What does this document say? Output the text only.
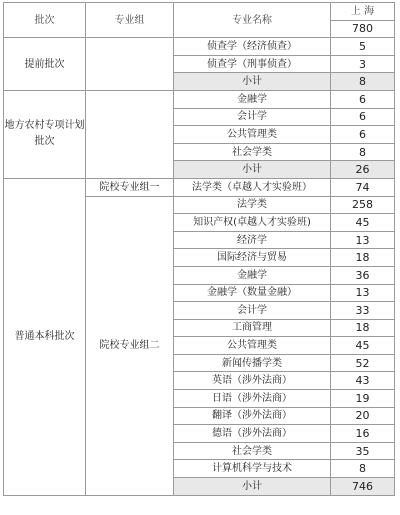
批次	专业组	专业名称	上 海
			780
提前批次		侦查学（经济侦查）	5
		侦查学（刑事侦查）	3
		小计	8
地方农村专项计划批次		金融学	6
		会计学	6
		公共管理类	6
		社会学类	8
		小计	26
普通本科批次	院校专业组一	法学类（卓越人才实验班）	74
	院校专业组二	法学类	258
		知识产权(卓越人才实验班)	45
		经济学	13
		国际经济与贸易	18
		金融学	36
		金融学（数量金融）	13
		会计学	33
		工商管理	18
		公共管理类	45
		新闻传播学类	52
		英语（涉外法商）	43
		日语（涉外法商）	19
		翻译（涉外法商）	20
		德语（涉外法商）	16
		社会学类	35
		计算机科学与技术	8
		小计	746
